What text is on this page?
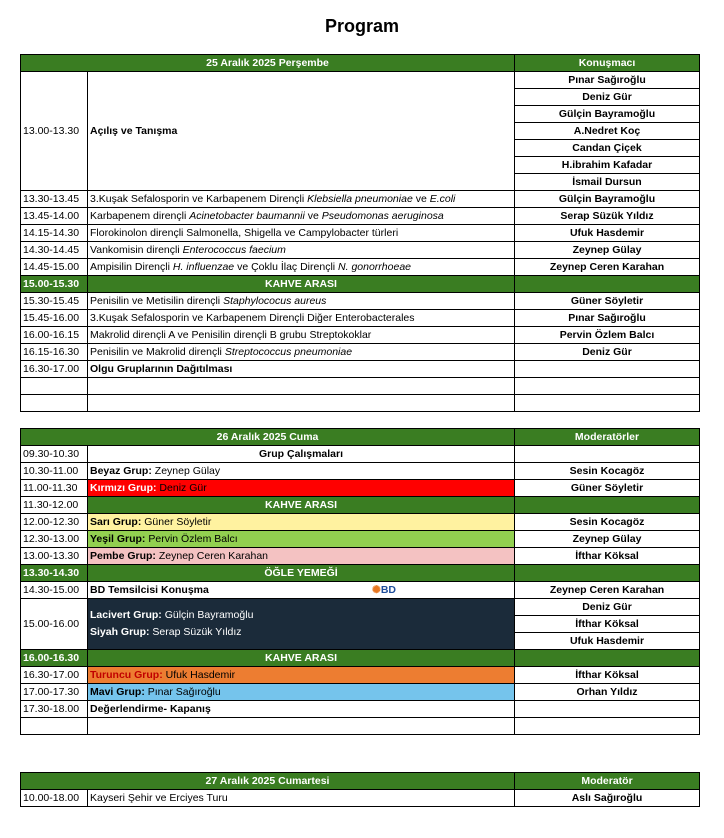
Program
25 Aralık 2025 Perşembe		Konuşmacı
13.00-13.30	Açılış ve Tanışma	Pınar Sağıroğlu
		Deniz Gür
		Gülçin Bayramoğlu
		A.Nedret Koç
		Candan Çiçek
		H.ibrahim Kafadar
		İsmail Dursun
13.30-13.45	3.Kuşak Sefalosporin ve Karbapenem Dirençli Klebsiella pneumoniae ve E.coli	Gülçin Bayramoğlu
13.45-14.00	Karbapenem dirençli Acinetobacter baumannii ve Pseudomonas aeruginosa	Serap Süzük Yıldız
14.15-14.30	Florokinolon dirençli Salmonella, Shigella ve Campylobacter türleri	Ufuk Hasdemir
14.30-14.45	Vankomisin dirençli Enterococcus faecium	Zeynep Gülay
14.45-15.00	Ampisilin Dirençli H. influenzae ve Çoklu İlaç Dirençli N. gonorrhoeae	Zeynep Ceren Karahan
15.00-15.30	KAHVE ARASI	
15.30-15.45	Penisilin ve Metisilin dirençli Staphylococus aureus	Güner Söyletir
15.45-16.00	3.Kuşak Sefalosporin ve Karbapenem Dirençli Diğer Enterobacterales	Pınar Sağıroğlu
16.00-16.15	Makrolid dirençli A ve Penisilin dirençli B grubu Streptokoklar	Pervin Özlem Balcı
16.15-16.30	Penisilin ve Makrolid dirençli Streptococcus pneumoniae	Deniz Gür
16.30-17.00	Olgu Gruplarının Dağıtılması	

26 Aralık 2025 Cuma		Moderatörler
09.30-10.30	Grup Çalışmaları	
10.30-11.00	Beyaz Grup: Zeynep Gülay	Sesin Kocagöz
11.00-11.30	Kırmızı Grup: Deniz Gür	Güner Söyletir
11.30-12.00	KAHVE ARASI	
12.00-12.30	Sarı Grup: Güner Söyletir	Sesin Kocagöz
12.30-13.00	Yeşil Grup: Pervin Özlem Balcı	Zeynep Gülay
13.00-13.30	Pembe Grup: Zeynep Ceren Karahan	İfthar Köksal
13.30-14.30	ÖĞLE YEMEĞİ	
14.30-15.00	BD Temsilcisi Konuşma ✺BD	Zeynep Ceren Karahan
15.00-16.00	Lacivert Grup: Gülçin Bayramoğlu
Siyah Grup: Serap Süzük Yıldız	Deniz Gür
		İfthar Köksal
		Ufuk Hasdemir
16.00-16.30	KAHVE ARASI	
16.30-17.00	Turuncu Grup: Ufuk Hasdemir	İfthar Köksal
17.00-17.30	Mavi Grup: Pınar Sağıroğlu	Orhan Yıldız
17.30-18.00	Değerlendirme- Kapanış	

27 Aralık 2025 Cumartesi		Moderatör
10.00-18.00	Kayseri Şehir ve Erciyes Turu	Aslı Sağıroğlu
